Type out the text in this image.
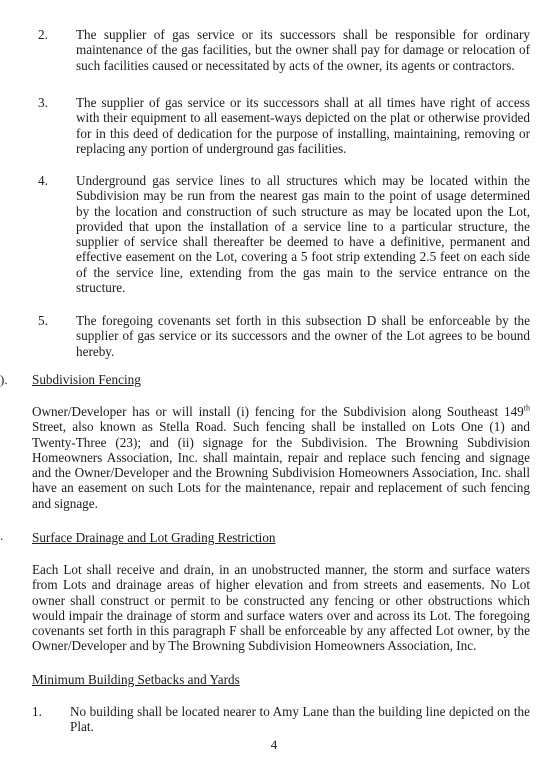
2. The supplier of gas service or its successors shall be responsible for ordinary maintenance of the gas facilities, but the owner shall pay for damage or relocation of such facilities caused or necessitated by acts of the owner, its agents or contractors.
3. The supplier of gas service or its successors shall at all times have right of access with their equipment to all easement-ways depicted on the plat or otherwise provided for in this deed of dedication for the purpose of installing, maintaining, removing or replacing any portion of underground gas facilities.
4. Underground gas service lines to all structures which may be located within the Subdivision may be run from the nearest gas main to the point of usage determined by the location and construction of such structure as may be located upon the Lot, provided that upon the installation of a service line to a particular structure, the supplier of service shall thereafter be deemed to have a definitive, permanent and effective easement on the Lot, covering a 5 foot strip extending 2.5 feet on each side of the service line, extending from the gas main to the service entrance on the structure.
5. The foregoing covenants set forth in this subsection D shall be enforceable by the supplier of gas service or its successors and the owner of the Lot agrees to be bound hereby.
). Subdivision Fencing
Owner/Developer has or will install (i) fencing for the Subdivision along Southeast 149th Street, also known as Stella Road. Such fencing shall be installed on Lots One (1) and Twenty-Three (23); and (ii) signage for the Subdivision. The Browning Subdivision Homeowners Association, Inc. shall maintain, repair and replace such fencing and signage and the Owner/Developer and the Browning Subdivision Homeowners Association, Inc. shall have an easement on such Lots for the maintenance, repair and replacement of such fencing and signage.
. Surface Drainage and Lot Grading Restriction
Each Lot shall receive and drain, in an unobstructed manner, the storm and surface waters from Lots and drainage areas of higher elevation and from streets and easements. No Lot owner shall construct or permit to be constructed any fencing or other obstructions which would impair the drainage of storm and surface waters over and across its Lot. The foregoing covenants set forth in this paragraph F shall be enforceable by any affected Lot owner, by the Owner/Developer and by The Browning Subdivision Homeowners Association, Inc.
Minimum Building Setbacks and Yards
1. No building shall be located nearer to Amy Lane than the building line depicted on the Plat.
4
